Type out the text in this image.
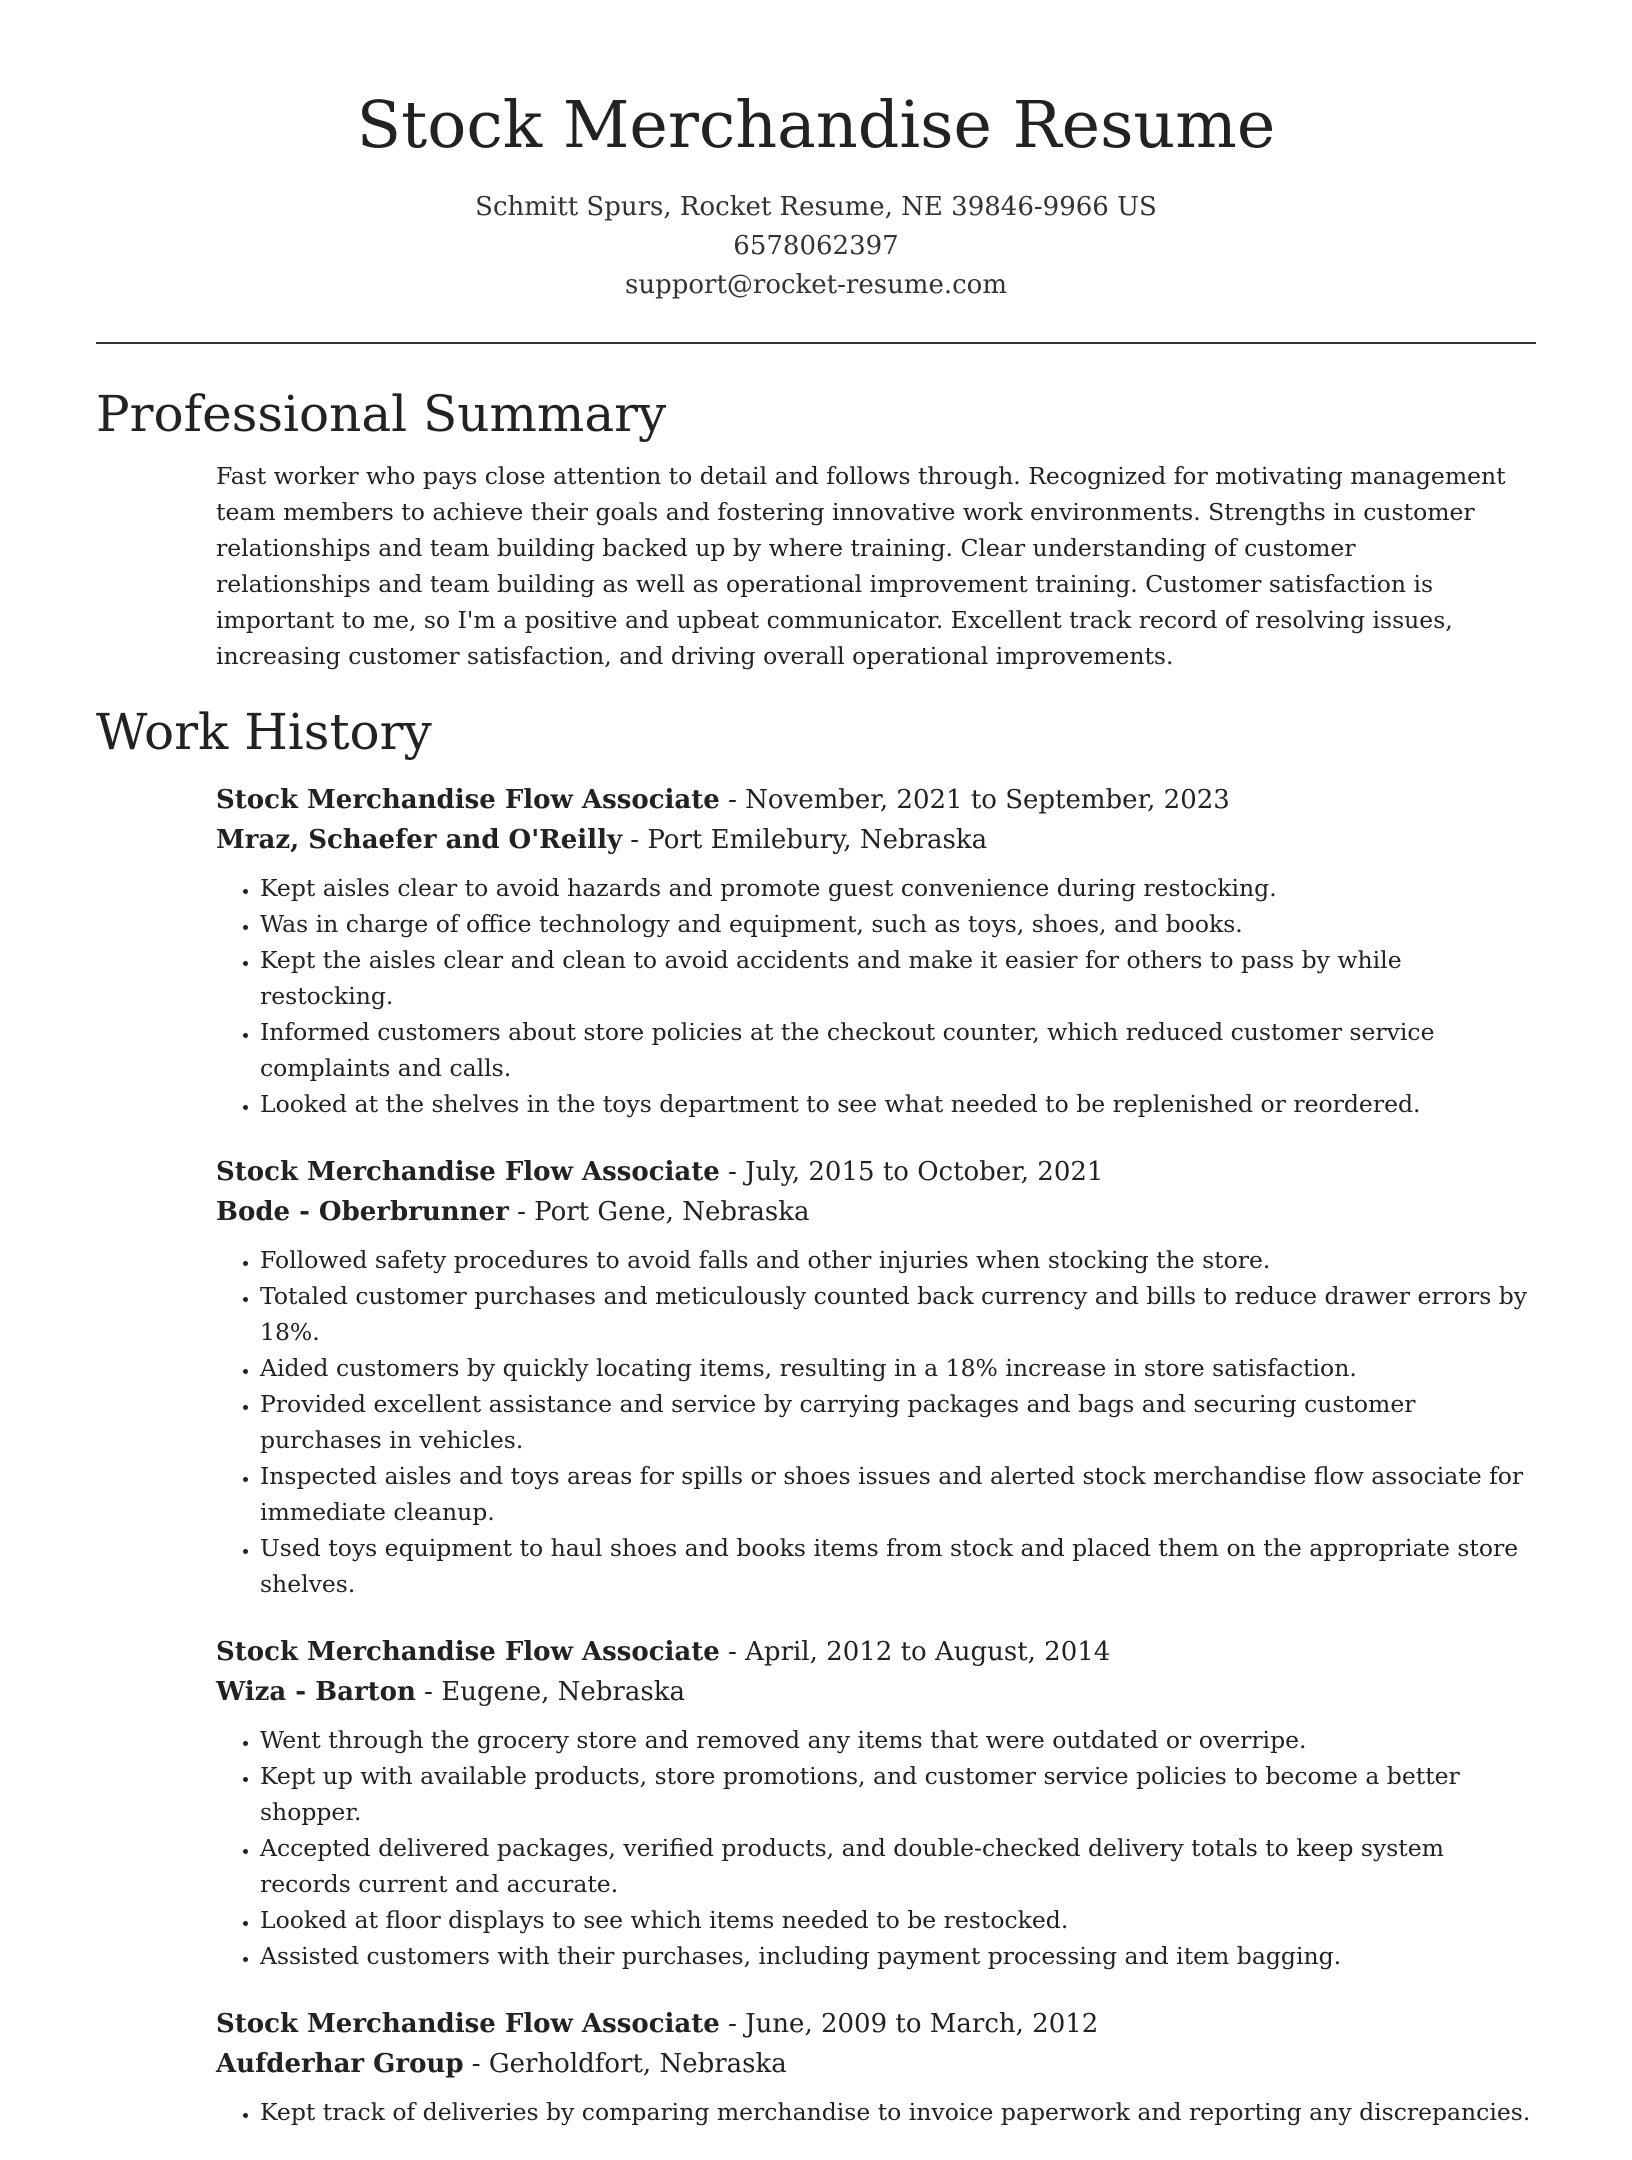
Stock Merchandise Resume
Schmitt Spurs, Rocket Resume, NE 39846-9966 US
6578062397
support@rocket-resume.com
Professional Summary

Fast worker who pays close attention to detail and follows through. Recognized for motivating management team members to achieve their goals and fostering innovative work environments. Strengths in customer relationships and team building backed up by where training. Clear understanding of customer relationships and team building as well as operational improvement training. Customer satisfaction is important to me, so I'm a positive and upbeat communicator. Excellent track record of resolving issues, increasing customer satisfaction, and driving overall operational improvements.

Work History
Stock Merchandise Flow Associate - November, 2021 to September, 2023
Mraz, Schaefer and O'Reilly - Port Emilebury, Nebraska
• Kept aisles clear to avoid hazards and promote guest convenience during restocking.
• Was in charge of office technology and equipment, such as toys, shoes, and books.
• Kept the aisles clear and clean to avoid accidents and make it easier for others to pass by while restocking.
• Informed customers about store policies at the checkout counter, which reduced customer service complaints and calls.
• Looked at the shelves in the toys department to see what needed to be replenished or reordered.
Stock Merchandise Flow Associate - July, 2015 to October, 2021
Bode - Oberbrunner - Port Gene, Nebraska
• Followed safety procedures to avoid falls and other injuries when stocking the store.
• Totaled customer purchases and meticulously counted back currency and bills to reduce drawer errors by 18%.
• Aided customers by quickly locating items, resulting in a 18% increase in store satisfaction.
• Provided excellent assistance and service by carrying packages and bags and securing customer purchases in vehicles.
• Inspected aisles and toys areas for spills or shoes issues and alerted stock merchandise flow associate for immediate cleanup.
• Used toys equipment to haul shoes and books items from stock and placed them on the appropriate store shelves.
Stock Merchandise Flow Associate - April, 2012 to August, 2014
Wiza - Barton - Eugene, Nebraska
• Went through the grocery store and removed any items that were outdated or overripe.
• Kept up with available products, store promotions, and customer service policies to become a better shopper.
• Accepted delivered packages, verified products, and double-checked delivery totals to keep system records current and accurate.
• Looked at floor displays to see which items needed to be restocked.
• Assisted customers with their purchases, including payment processing and item bagging.
Stock Merchandise Flow Associate - June, 2009 to March, 2012
Aufderhar Group - Gerholdfort, Nebraska
• Kept track of deliveries by comparing merchandise to invoice paperwork and reporting any discrepancies.
